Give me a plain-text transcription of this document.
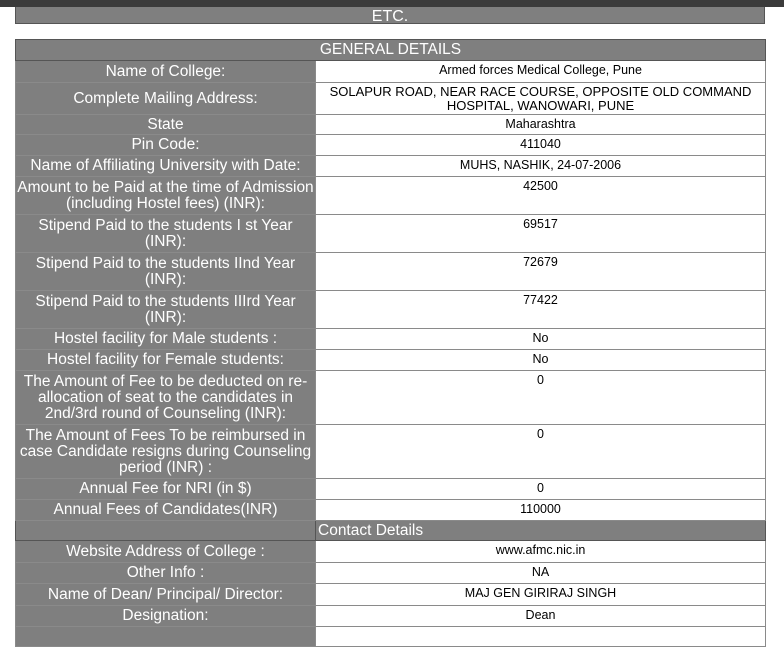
ETC.
GENERAL DETAILS	
Name of College:	Armed forces Medical College, Pune
Complete Mailing Address:	SOLAPUR ROAD, NEAR RACE COURSE, OPPOSITE OLD COMMAND HOSPITAL, WANOWARI, PUNE
State	Maharashtra
Pin Code:	411040
Name of Affiliating University with Date:	MUHS, NASHIK, 24-07-2006
Amount to be Paid at the time of Admission (including Hostel fees) (INR):	42500
Stipend Paid to the students I st Year (INR):	69517
Stipend Paid to the students IInd Year (INR):	72679
Stipend Paid to the students IIIrd Year (INR):	77422
Hostel facility for Male students :	No
Hostel facility for Female students:	No
The Amount of Fee to be deducted on re-allocation of seat to the candidates in 2nd/3rd round of Counseling (INR):	0
The Amount of Fees To be reimbursed in case Candidate resigns during Counseling period (INR) :	0
Annual Fee for NRI (in $)	0
Annual Fees of Candidates(INR)	110000
	Contact Details
Website Address of College :	www.afmc.nic.in
Other Info :	NA
Name of Dean/ Principal/ Director:	MAJ GEN GIRIRAJ SINGH
Designation:	Dean
